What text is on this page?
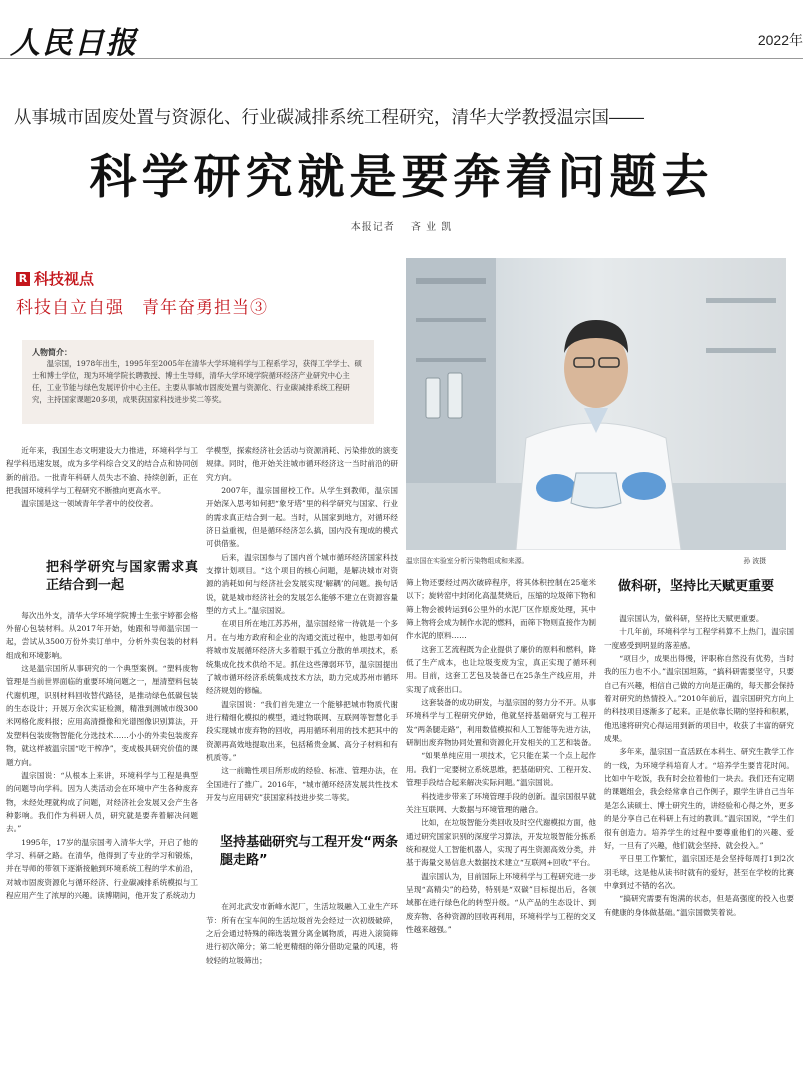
人民日报	2022年
从事城市固废处置与资源化、行业碳减排系统工程研究，清华大学教授温宗国——
科学研究就是要奔着问题去
本报记者 吝 业 凯
R 科技视点
科技自立自强　青年奋勇担当③
人物简介：
温宗国，1978年出生，1995年至2005年在清华大学环境科学与工程系学习，获得工学学士、硕士和博士学位，现为环境学院长聘教授、博士生导师，清华大学环境学院循环经济产业研究中心主任，工业节能与绿色发展评价中心主任。主要从事城市固废处置与资源化、行业碳减排系统工程研究，主持国家课题20多项，成果获国家科技进步奖二等奖。
温宗国在实验室分析污染物组成和来源。	孙 波摄

近年来，我国生态文明建设大力推进，环境科学与工程学科迅速发展，成为多学科综合交叉的结合点和协同创新的前沿。一批青年科研人员失志不渝、持续创新，正在把我国环境科学与工程研究不断推向更高水平。

温宗国是这一领域青年学者中的佼佼者。

把科学研究与国家需求真正结合到一起

每次出外支，清华大学环境学院博士生张宇婷都会格外留心包装材料。从2017年开始，她跟和导师温宗国一起，尝试从3500万份外卖订单中，分析外卖包装的材料组成和环境影响。

这是温宗国所从事研究的一个典型案例。“塑料废物管理是当前世界面临的重要环境问题之一，厘清塑料包装代谢机理，识别材料回收替代路径，是推动绿色低碳包装的生态设计；开展万余次实证检测，精准到测城市级300米网格化废料报；应用高清摄像和光谱图像识别算法，开发塑料包装废物智能化分选技术……小小的外卖包装废弃物，就这样被温宗国“吃干榨净”，变成极具研究价值的课题方向。

温宗国说：“从根本上来讲，环境科学与工程是典型的问题导向学科。因为人类活动会在环境中产生各种废弃物，未经处理就构成了问题，对经济社会发展又会产生各种影响。我们作为科研人员，研究就是要奔着解决问题去。”

1995年，17岁的温宗国考入清华大学，开启了他的学习、科研之路。在清华，他得到了专业的学习和锻炼，并在导师的带领下逐渐接触到环境系统工程的学术前沿，对城市固废资源化与循环经济、行业碳减排系统模拟与工程应用产生了浓厚的兴趣。读博期间，他开发了系统动力

学模型，探索经济社会活动与资源消耗、污染排放的演变规律。同时，他开始关注城市循环经济这一当时前沿的研究方向。

2007年，温宗国留校工作。从学生到教师，温宗国开始深入思考如何把“象牙塔”里的科学研究与国家、行业的需求真正结合到一起。当时，从国家到地方，对循环经济日益重视，但是循环经济怎么搞，国内没有现成的模式可供借鉴。

后来，温宗国参与了国内首个城市循环经济国家科技支撑计划项目。“这个项目的核心问题，是解决城市对资源的消耗如何与经济社会发展实现‘解耦’的问题。换句话说，就是城市经济社会的发展怎么能够不建立在资源容量型的方式上。”温宗国说。

在项目所在地江苏苏州，温宗国经常一待就是一个多月。在与地方政府和企业的沟通交流过程中，他思考如何将城市发展循环经济大多着眼于孤立分散的单项技术，系统集成化技术供给不足。抓住这些薄弱环节，温宗国提出了城市循环经济系统集成技术方法，助力完成苏州市循环经济规划的修编。

温宗国说：“我们首先建立一个能够把城市物质代谢进行精细化模拟的模型，通过物联网、互联网等智慧化手段实现城市废弃物的回收，再用循环利用的技术把其中的资源再高效地提取出来，包括稀贵金属、高分子材料和有机质等。”

这一前瞻性项目所形成的经验、标准、管理办法，在全国进行了推广。2016年，“城市循环经济发展共性技术开发与应用研究”获国家科技进步奖二等奖。

坚持基础研究与工程开发“两条腿走路”

在河北武安市新峰水泥厂，生活垃圾融入工业生产环节：所有在宝车间的生活垃圾首先会经过一次初级破碎，之后会通过特殊的筛选装置分离金属物质，再进入滚筒筛进行初次筛分；第二轮更精细的筛分借助定量的风速，将较轻的垃圾筛出；

筛上物还要经过两次破碎程序，将其体积控制在25毫米以下；旋转窑中封闭化高温焚烧后，压缩的垃圾筛下物和筛上物会被转运到6公里外的水泥厂区作原废处理，其中筛上物将会成为制作水泥的燃料，而筛下物则直接作为制作水泥的原料……

这套工艺流程既为企业提供了廉价的原料和燃料，降低了生产成本，也让垃圾变废为宝，真正实现了循环利用。目前，这套工艺包及装备已在25条生产线应用，并实现了成套出口。

这套装备的成功研发，与温宗国的努力分不开。从事环境科学与工程研究伊始，他就坚持基础研究与工程开发“两条腿走路”，利用数值模拟和人工智能等先进方法，研制出废弃物协同处置和资源化开发相关的工艺和装备。

“如果单纯应用一项技术，它只能在某一个点上起作用。我们一定要树立系统思维，把基础研究、工程开发、管理手段结合起来解决实际问题。”温宗国说。

科技进步带来了环境管理手段的创新。温宗国很早就关注互联网、大数据与环境管理的融合。

比如，在垃圾智能分类回收及时空代谢模拟方面，他通过研究国家识别的深度学习算法，开发垃圾智能分拣系统和视觉人工智能机器人，实现了再生资源高效分类，并基于海量交易信息大数据技术建立“互联网+回收”平台。

温宗国认为，目前国际上环境科学与工程研究进一步呈现“高精尖”的趋势，特别是“双碳”目标提出后，各领域都在进行绿色化的转型升级。“从产品的生态设计、到废弃物、各种资源的回收再利用，环境科学与工程的交叉性越来越强。”

做科研，坚持比天赋更重要

温宗国认为，做科研，坚持比天赋更重要。

十几年前，环境科学与工程学科算不上热门，温宗国一度感受到明显的落差感。

“项目少，成果出得慢，评职称自然没有优势，当时我的压力也不小。”温宗国坦陈，“搞科研需要坚守，只要自己有兴趣，相信自己做的方向是正确的，每天都会保持着对研究的热情投入。”2010年前后，温宗国研究方向上的科技项目逐渐多了起来。正是依靠长期的坚持和积累，他迅速将研究心得运用到新的项目中，收获了丰富的研究成果。

多年来，温宗国一直活跃在本科生、研究生教学工作的一线，为环境学科培育人才。“培养学生要肯花时间。比如中午吃饭，我有时会拉着他们一块去。我们还有定期的课题组会，我会经常拿自己作例子，跟学生讲自己当年是怎么读硕士、博士研究生的，讲经验和心得之外，更多的是分享自己在科研上有过的教训。”温宗国说，“学生们很有创造力。培养学生的过程中要尊重他们的兴趣、爱好，一旦有了兴趣，他们就会坚持、就会投入。”

平日里工作繁忙，温宗国还是会坚持每周打1到2次羽毛球，这是他从读书时就有的爱好，甚至在学校的比赛中拿到过不错的名次。

“搞研究需要有饱满的状态，但是高强度的投入也要有健康的身体做基础。”温宗国微笑着说。
